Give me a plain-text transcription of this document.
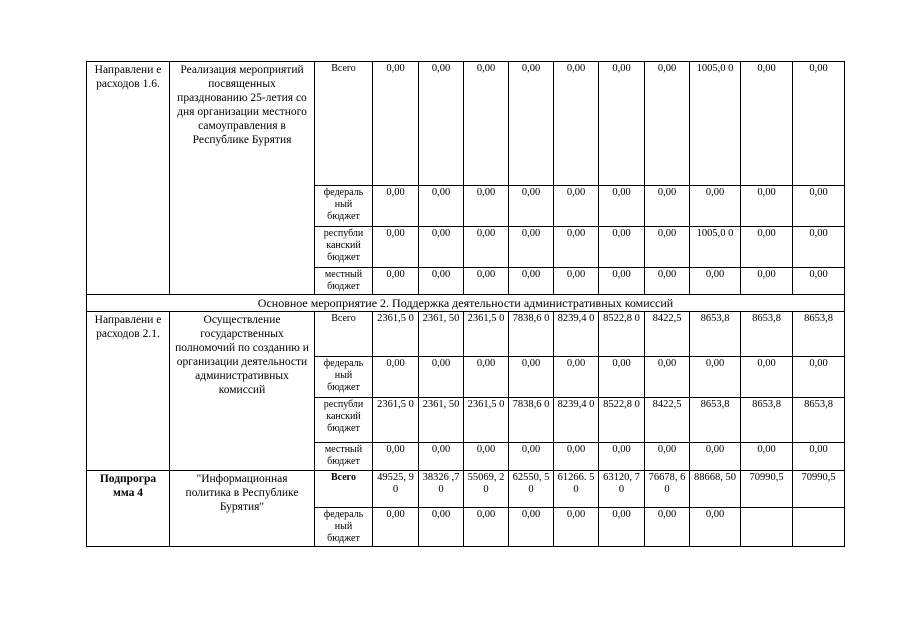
Направлени е расходов 1.6.	Реализация мероприятий посвященных празднованию 25-летия со дня организации местного самоуправления в Республике Бурятия	Всего	0,00	0,00	0,00	0,00	0,00	0,00	0,00	1005,0 0	0,00	0,00
		федераль ный бюджет	0,00	0,00	0,00	0,00	0,00	0,00	0,00	0,00	0,00	0,00
		республи канский бюджет	0,00	0,00	0,00	0,00	0,00	0,00	0,00	1005,0 0	0,00	0,00
		местный бюджет	0,00	0,00	0,00	0,00	0,00	0,00	0,00	0,00	0,00	0,00
Основное мероприятие 2. Поддержка деятельности административных комиссий												
Направлени е расходов 2.1.	Осуществление государственных полномочий по созданию и организации деятельности административных комиссий	Всего	2361,5 0	2361, 50	2361,5 0	7838,6 0	8239,4 0	8522,8 0	8422,5	8653,8	8653,8	8653,8
		федераль ный бюджет	0,00	0,00	0,00	0,00	0,00	0,00	0,00	0,00	0,00	0,00
		республи канский бюджет	2361,5 0	2361, 50	2361,5 0	7838,6 0	8239,4 0	8522,8 0	8422,5	8653,8	8653,8	8653,8
		местный бюджет	0,00	0,00	0,00	0,00	0,00	0,00	0,00	0,00	0,00	0,00
Подпрогра мма 4	"Информационная политика в Республике Бурятия"	Всего	49525, 90	38326 ,70	55069, 20	62550, 50	61266. 50	63120, 70	76678, 60	88668, 50	70990,5	70990,5
		федераль ный бюджет	0,00	0,00	0,00	0,00	0,00	0,00	0,00	0,00		
